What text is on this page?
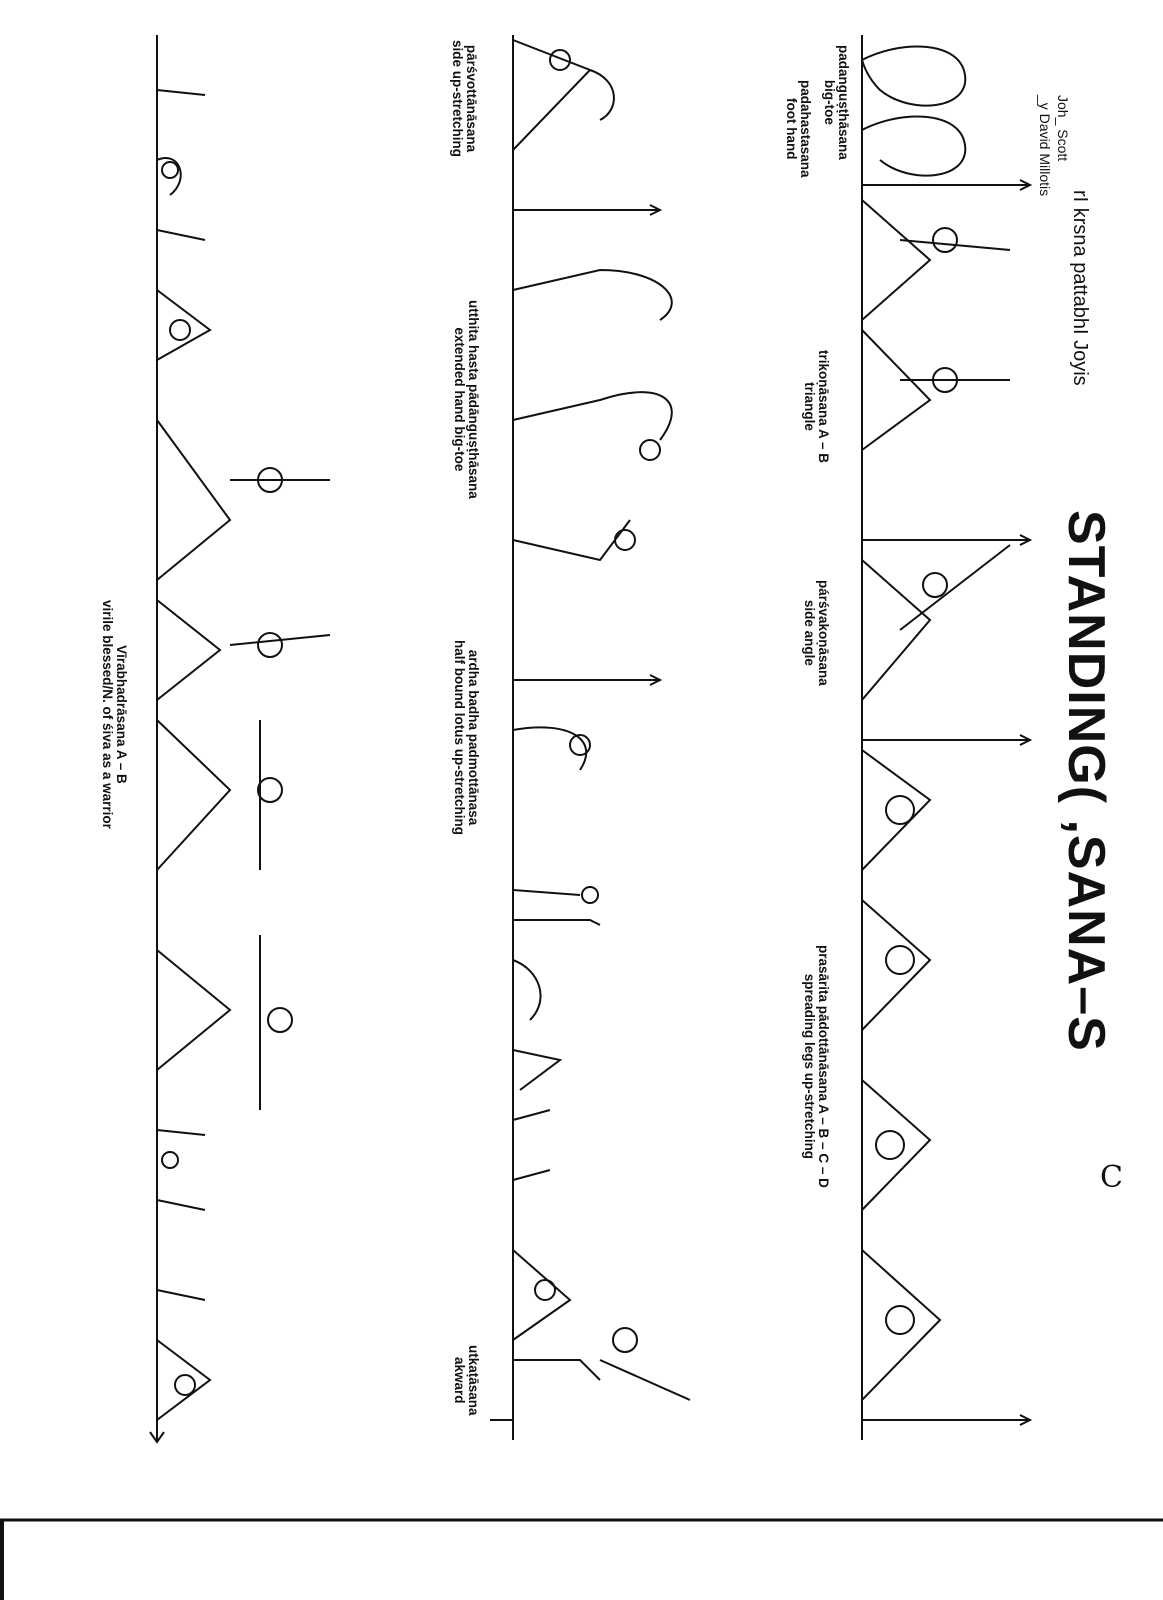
STANDING( ,SANA–S
rI krsna pattabhI Joyis
Joh_ Scott
_y David Millotis
C
padanguṣṭhāsana
big-toe
padahastasana
foot hand
trikoṇāsana A – B
triangle
párśvakoṇāsana
side angle
prasārita pādottānāsana A – B – C – D
spreading legs up-stretching
pārśvottānāsana
side up-stretching
utthita hasta pādānguṣṭhāsana
extended hand big-toe
ardha badha padmottānasa
half bound lotus up-stretching
utkaṭāsana
akward
Vīrabhadrāsana A – B
virile blessed/N. of śiva as a warrior
